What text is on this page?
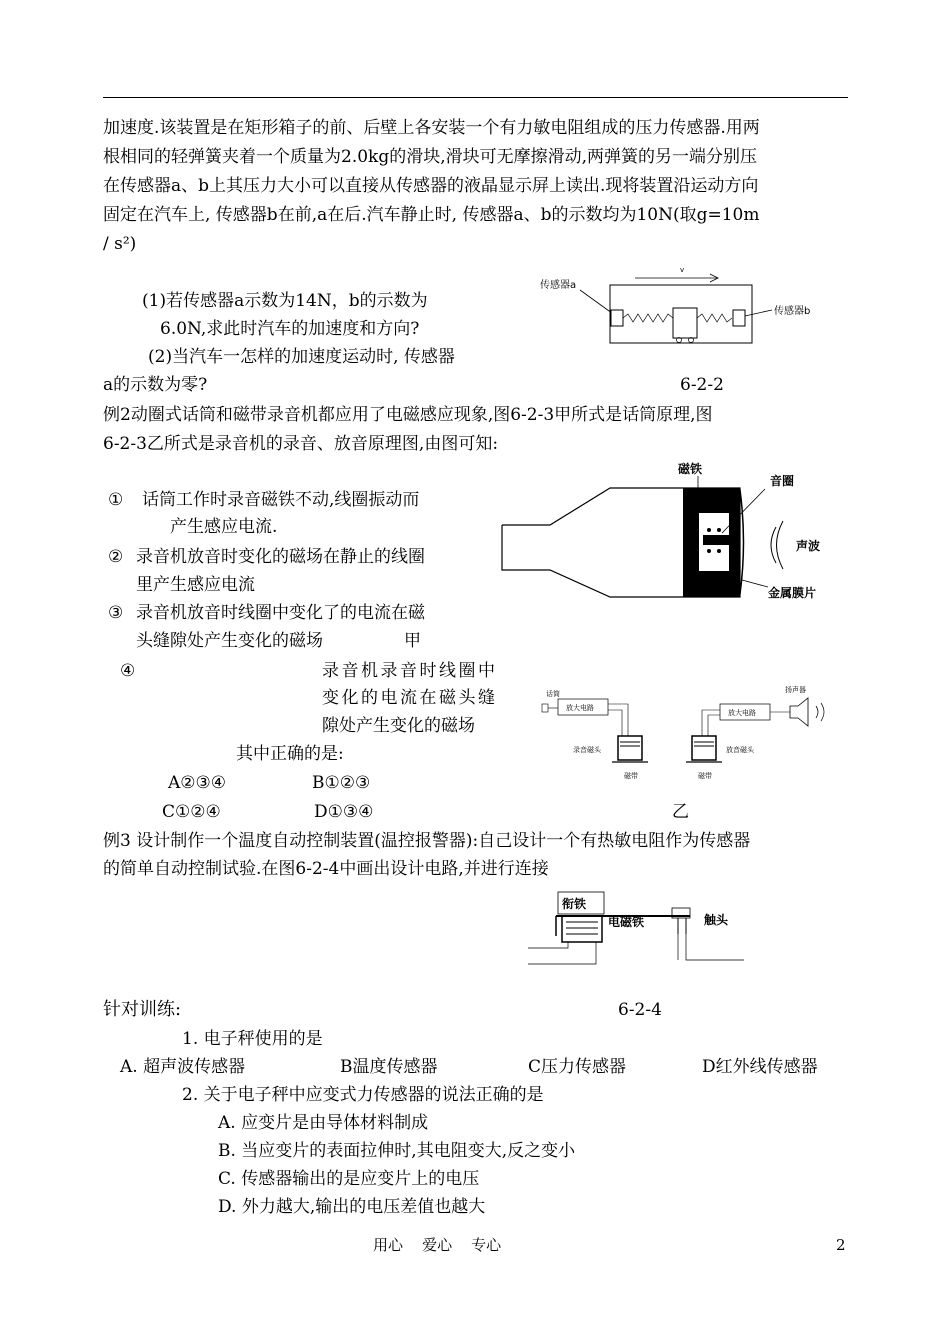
加速度.该装置是在矩形箱子的前、后壁上各安装一个有力敏电阻组成的压力传感器.用两
根相同的轻弹簧夹着一个质量为2.0kg的滑块,滑块可无摩擦滑动,两弹簧的另一端分别压
在传感器a、b上其压力大小可以直接从传感器的液晶显示屏上读出.现将装置沿运动方向
固定在汽车上, 传感器b在前,a在后.汽车静止时, 传感器a、b的示数均为10N(取g=10m
/ s²)
(1)若传感器a示数为14N，b的示数为
6.0N,求此时汽车的加速度和方向?
(2)当汽车一怎样的加速度运动时, 传感器
a的示数为零?
v
传感器a
传感器b
6-2-2
例2动圈式话筒和磁带录音机都应用了电磁感应现象,图6-2-3甲所式是话筒原理,图
6-2-3乙所式是录音机的录音、放音原理图,由图可知:
① 话筒工作时录音磁铁不动,线圈振动而
产生感应电流.
② 录音机放音时变化的磁场在静止的线圈
里产生感应电流
③ 录音机放音时线圈中变化了的电流在磁
头缝隙处产生变化的磁场	甲
④	录音机录音时线圈中
变化的电流在磁头缝
隙处产生变化的磁场
其中正确的是:
A②③④	B①②③
C①②④	D①③④
磁铁
音圈
声波
金属膜片
话筒
放大电路
录音磁头
磁带
扬声器
放大电路
放音磁头
磁带
乙
例3 设计制作一个温度自动控制装置(温控报警器):自己设计一个有热敏电阻作为传感器
的简单自动控制试验.在图6-2-4中画出设计电路,并进行连接
衔铁
电磁铁	触头
针对训练:	6-2-4
1. 电子秤使用的是
A. 超声波传感器	B温度传感器	C压力传感器	D红外线传感器
2. 关于电子秤中应变式力传感器的说法正确的是
A. 应变片是由导体材料制成
B. 当应变片的表面拉伸时,其电阻变大,反之变小
C. 传感器输出的是应变片上的电压
D. 外力越大,输出的电压差值也越大
用心    爱心    专心	2
